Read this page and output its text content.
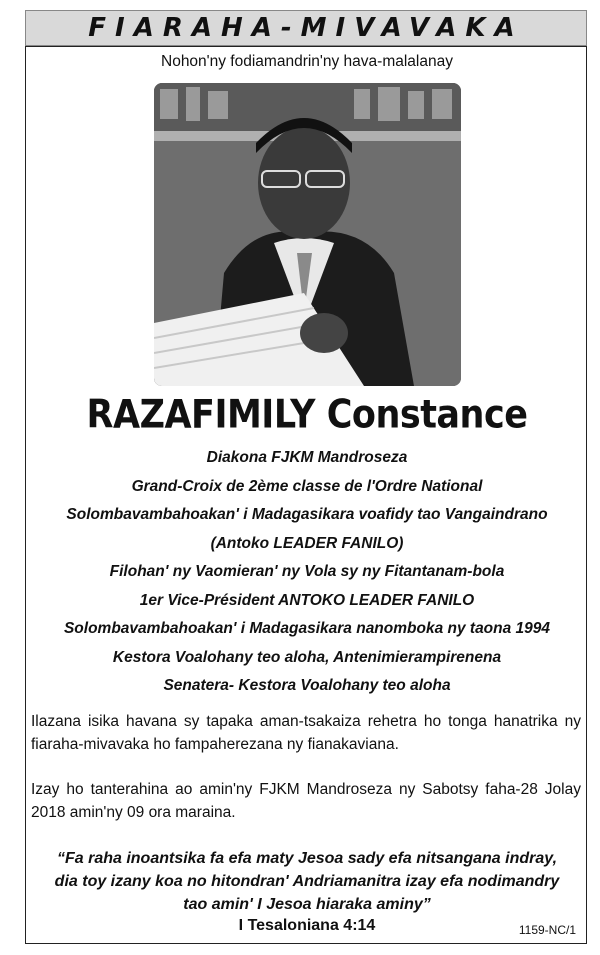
FIARAHA-MIVAVAKA
Nohon'ny fodiamandrin'ny hava-malalanay
RAZAFIMILY Constance
Diakona FJKM Mandroseza
Grand-Croix de 2ème classe de l'Ordre National
Solombavambahoakan' i Madagasikara voafidy tao Vangaindrano
(Antoko LEADER FANILO)
Filohan' ny Vaomieran' ny Vola sy ny Fitantanam-bola
1er Vice-Président ANTOKO LEADER FANILO
Solombavambahoakan' i Madagasikara nanomboka ny taona 1994
Kestora Voalohany teo aloha, Antenimierampirenena
Senatera- Kestora Voalohany teo aloha
Ilazana isika havana sy tapaka aman-tsakaiza rehetra ho tonga hanatrika ny fiaraha-mivavaka ho fampaherezana ny fianakaviana.
Izay ho tanterahina ao amin'ny FJKM Mandroseza ny Sabotsy faha-28 Jolay 2018 amin'ny 09 ora maraina.
“Fa raha inoantsika fa efa maty Jesoa sady efa nitsangana indray,
dia toy izany koa no hitondran' Andriamanitra izay efa nodimandry
tao amin' I Jesoa hiaraka aminy”
I Tesaloniana 4:14	1159-NC/1
